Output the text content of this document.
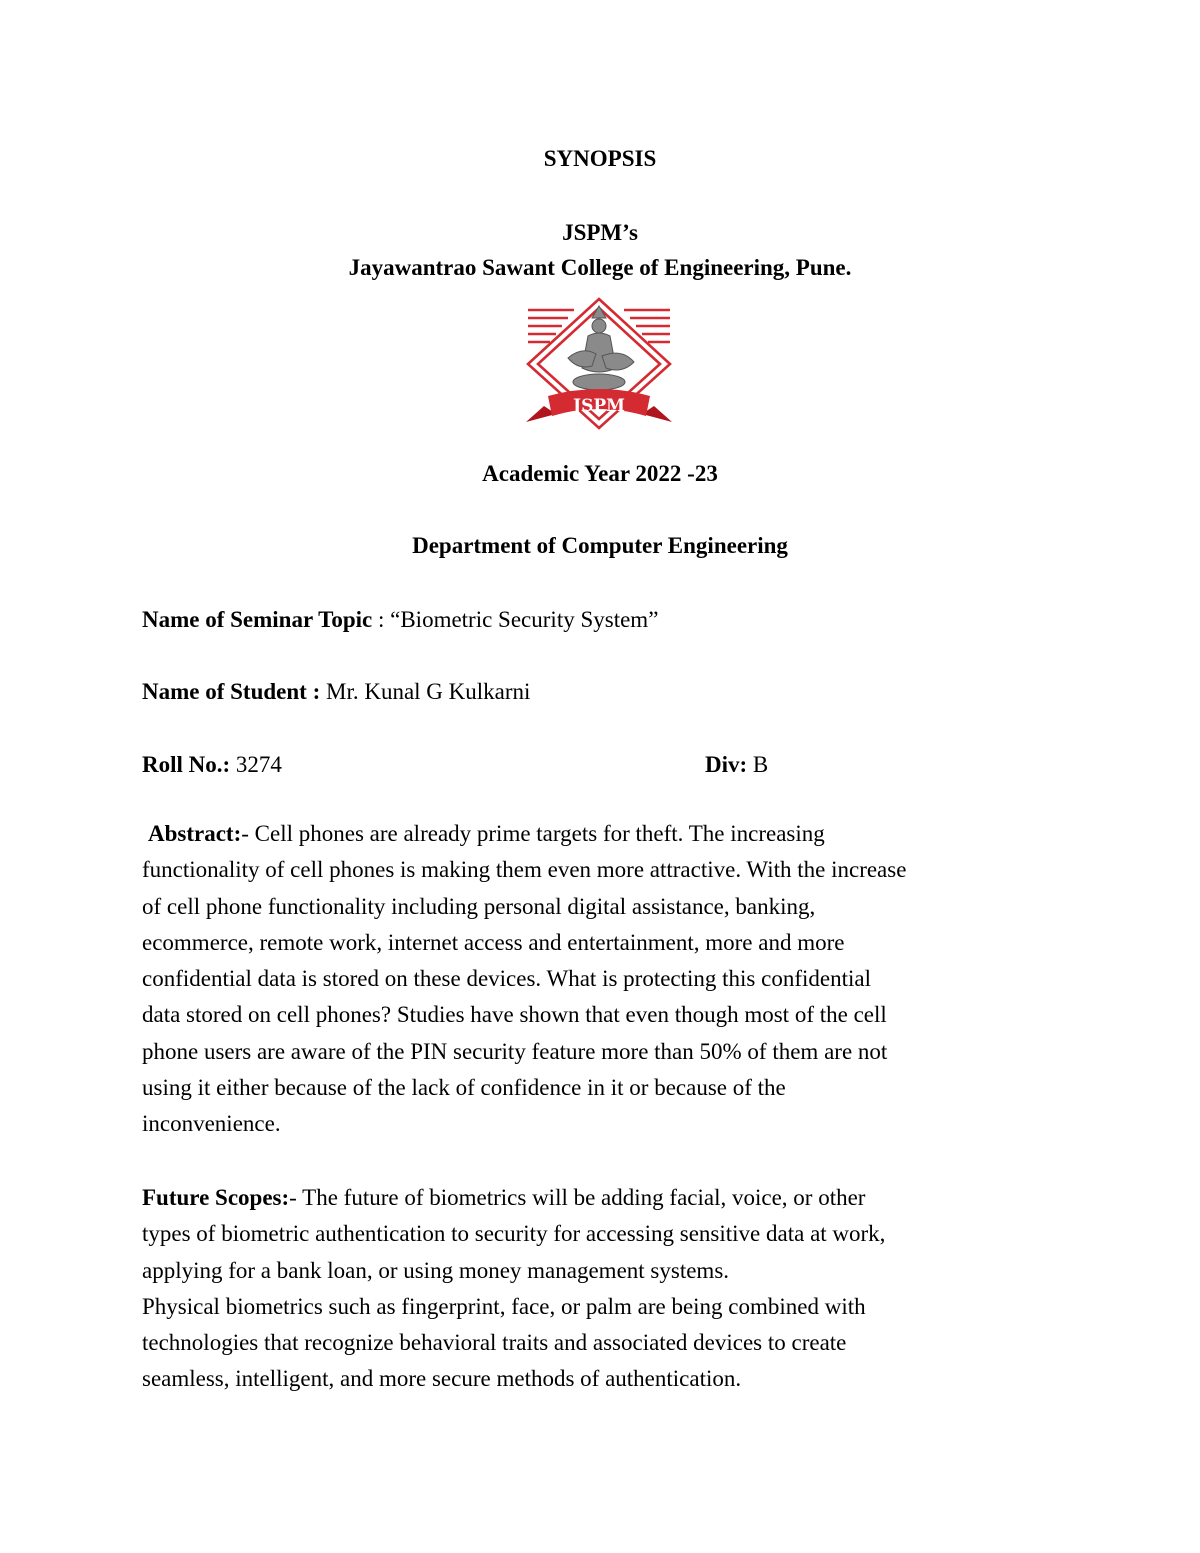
SYNOPSIS
JSPM’s
Jayawantrao Sawant College of Engineering, Pune.
JSPM
Academic Year 2022 -23
Department of Computer Engineering
Name of Seminar Topic : “Biometric Security System”
Name of Student : Mr. Kunal G Kulkarni
Roll No.: 3274	Div: B
Abstract:- Cell phones are already prime targets for theft. The increasing
functionality of cell phones is making them even more attractive. With the increase
of cell phone functionality including personal digital assistance, banking,
ecommerce, remote work, internet access and entertainment, more and more
confidential data is stored on these devices. What is protecting this confidential
data stored on cell phones? Studies have shown that even though most of the cell
phone users are aware of the PIN security feature more than 50% of them are not
using it either because of the lack of confidence in it or because of the
inconvenience.
Future Scopes:- The future of biometrics will be adding facial, voice, or other
types of biometric authentication to security for accessing sensitive data at work,
applying for a bank loan, or using money management systems.
Physical biometrics such as fingerprint, face, or palm are being combined with
technologies that recognize behavioral traits and associated devices to create
seamless, intelligent, and more secure methods of authentication.
